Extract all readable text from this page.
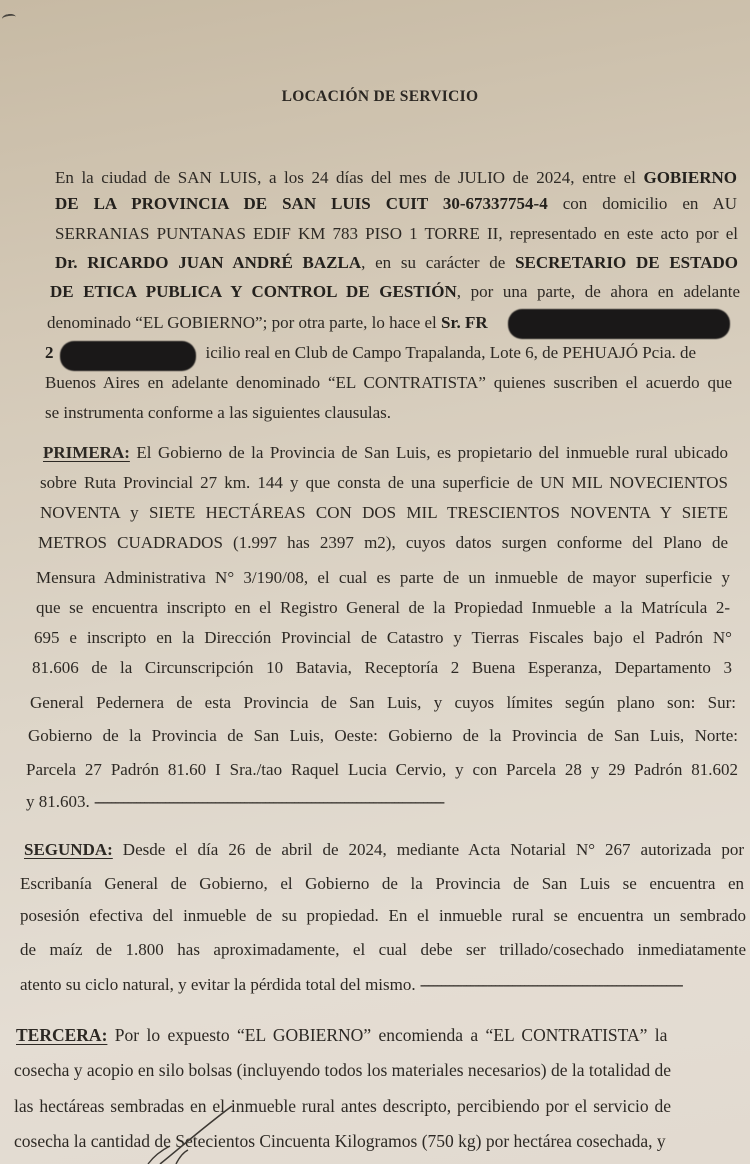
LOCACIÓN DE SERVICIO
En la ciudad de SAN LUIS, a los 24 días del mes de JULIO de 2024, entre el GOBIERNO
DE LA PROVINCIA DE SAN LUIS CUIT 30-67337754-4 con domicilio en AU
SERRANIAS PUNTANAS EDIF KM 783 PISO 1 TORRE II, representado en este acto por el
Dr. RICARDO JUAN ANDRÉ BAZLA, en su carácter de SECRETARIO DE ESTADO
DE ETICA PUBLICA Y CONTROL DE GESTIÓN, por una parte, de ahora en adelante
denominado “EL GOBIERNO”; por otra parte, lo hace el Sr. FR
2	icilio real en Club de Campo Trapalanda, Lote 6, de PEHUAJÓ Pcia. de
Buenos Aires en adelante denominado “EL CONTRATISTA” quienes suscriben el acuerdo que
se instrumenta conforme a las siguientes clausulas.
PRIMERA: El Gobierno de la Provincia de San Luis, es propietario del inmueble rural ubicado
sobre Ruta Provincial 27 km. 144 y que consta de una superficie de UN MIL NOVECIENTOS
NOVENTA y SIETE HECTÁREAS CON DOS MIL TRESCIENTOS NOVENTA Y SIETE
METROS CUADRADOS (1.997 has 2397 m2), cuyos datos surgen conforme del Plano de
Mensura Administrativa N° 3/190/08, el cual es parte de un inmueble de mayor superficie y
que se encuentra inscripto en el Registro General de la Propiedad Inmueble a la Matrícula 2-
695 e inscripto en la Dirección Provincial de Catastro y Tierras Fiscales bajo el Padrón N°
81.606 de la Circunscripción 10 Batavia, Receptoría 2 Buena Esperanza, Departamento 3
General Pedernera de esta Provincia de San Luis, y cuyos límites según plano son: Sur:
Gobierno de la Provincia de San Luis, Oeste: Gobierno de la Provincia de San Luis, Norte:
Parcela 27 Padrón 81.60 I Sra./tao Raquel Lucia Cervio, y con Parcela 28 y 29 Padrón 81.602
y 81.603. ------------------------------------------------------------------------------------
SEGUNDA: Desde el día 26 de abril de 2024, mediante Acta Notarial N° 267 autorizada por
Escribanía General de Gobierno, el Gobierno de la Provincia de San Luis se encuentra en
posesión efectiva del inmueble de su propiedad. En el inmueble rural se encuentra un sembrado
de maíz de 1.800 has aproximadamente, el cual debe ser trillado/cosechado inmediatamente
atento su ciclo natural, y evitar la pérdida total del mismo. ---------------------------------------------------------------
TERCERA: Por lo expuesto “EL GOBIERNO” encomienda a “EL CONTRATISTA” la
cosecha y acopio en silo bolsas (incluyendo todos los materiales necesarios) de la totalidad de
las hectáreas sembradas en el inmueble rural antes descripto, percibiendo por el servicio de
cosecha la cantidad de Setecientos Cincuenta Kilogramos (750 kg) por hectárea cosechada, y
